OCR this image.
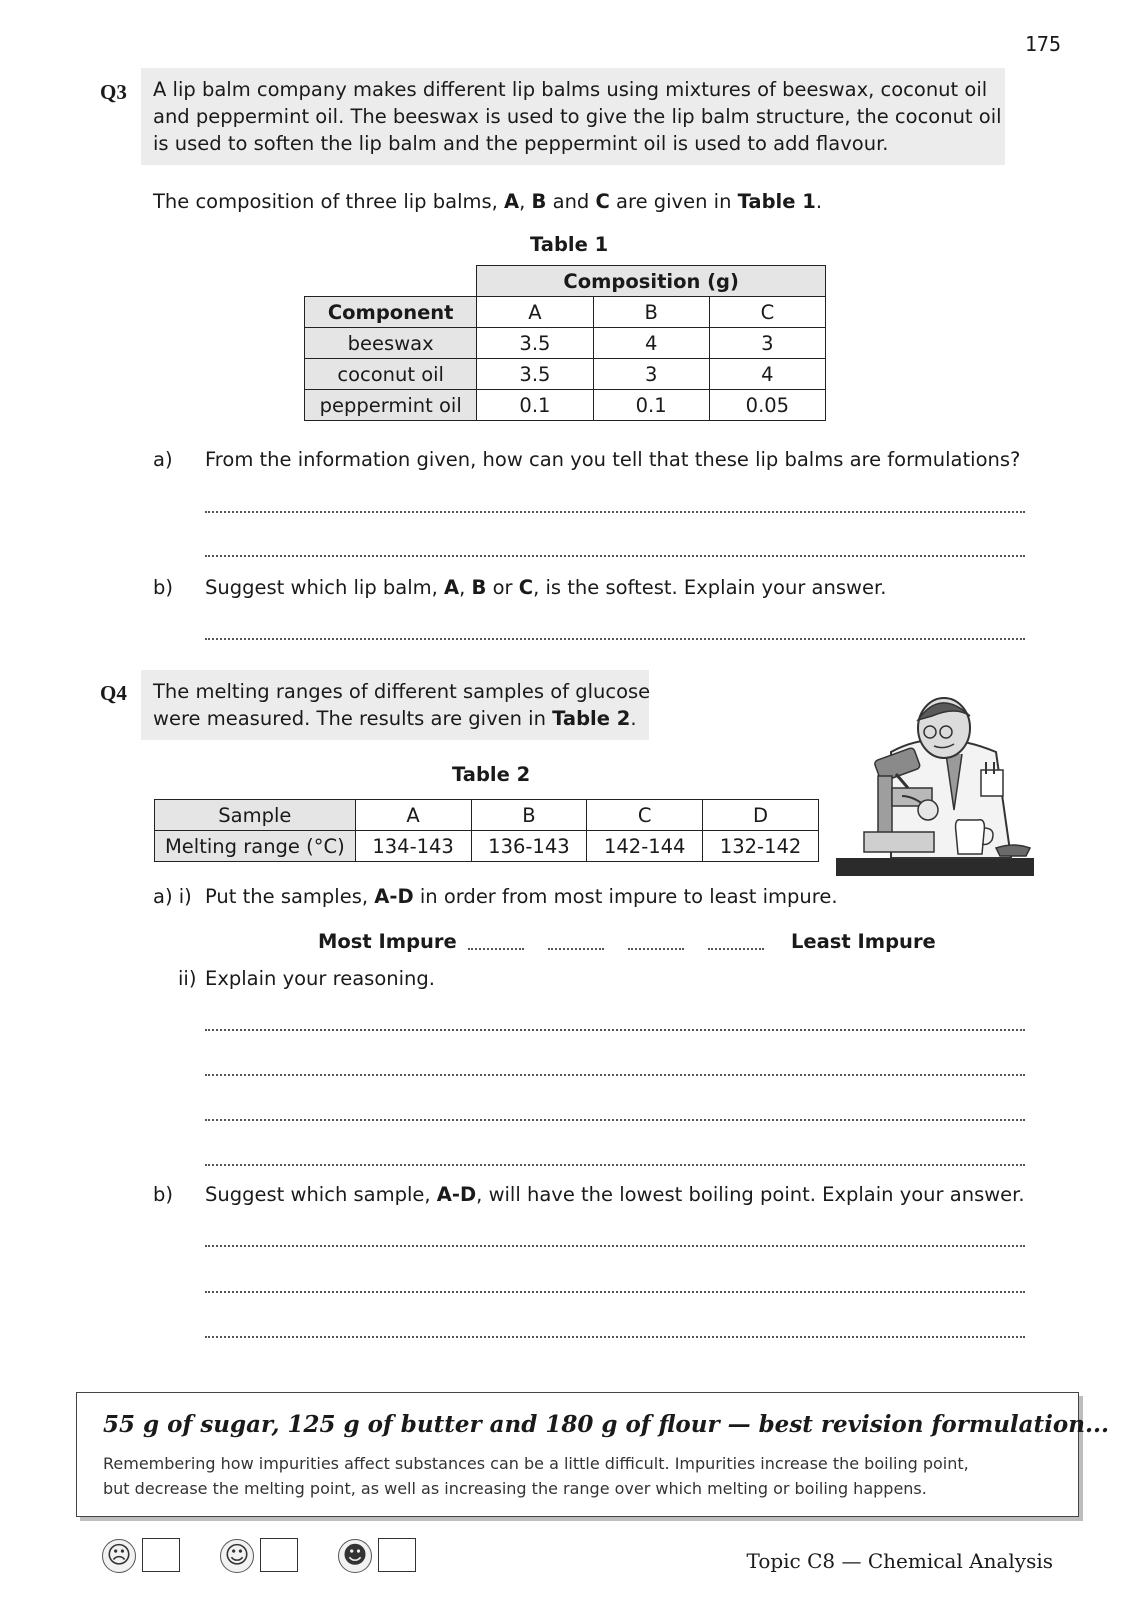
175
Q3 A lip balm company makes different lip balms using mixtures of beeswax, coconut oil
and peppermint oil. The beeswax is used to give the lip balm structure, the coconut oil
is used to soften the lip balm and the peppermint oil is used to add flavour.
The composition of three lip balms, A, B and C are given in Table 1.
Table 1
	Composition (g)		
Component	A	B	C
beeswax	3.5	4	3
coconut oil	3.5	3	4
peppermint oil	0.1	0.1	0.05
a) From the information given, how can you tell that these lip balms are formulations?
b) Suggest which lip balm, A, B or C, is the softest. Explain your answer.
Q4 The melting ranges of different samples of glucose
were measured. The results are given in Table 2.
Table 2
Sample	A	B	C	D
Melting range (°C)	134-143	136-143	142-144	132-142
a) i) Put the samples, A-D in order from most impure to least impure.
Most Impure	Least Impure
ii) Explain your reasoning.
b) Suggest which sample, A-D, will have the lowest boiling point. Explain your answer.
55 g of sugar, 125 g of butter and 180 g of flour — best revision formulation...
Remembering how impurities affect substances can be a little difficult. Impurities increase the boiling point,
but decrease the melting point, as well as increasing the range over which melting or boiling happens.
☹	☺	☻	Topic C8 — Chemical Analysis
